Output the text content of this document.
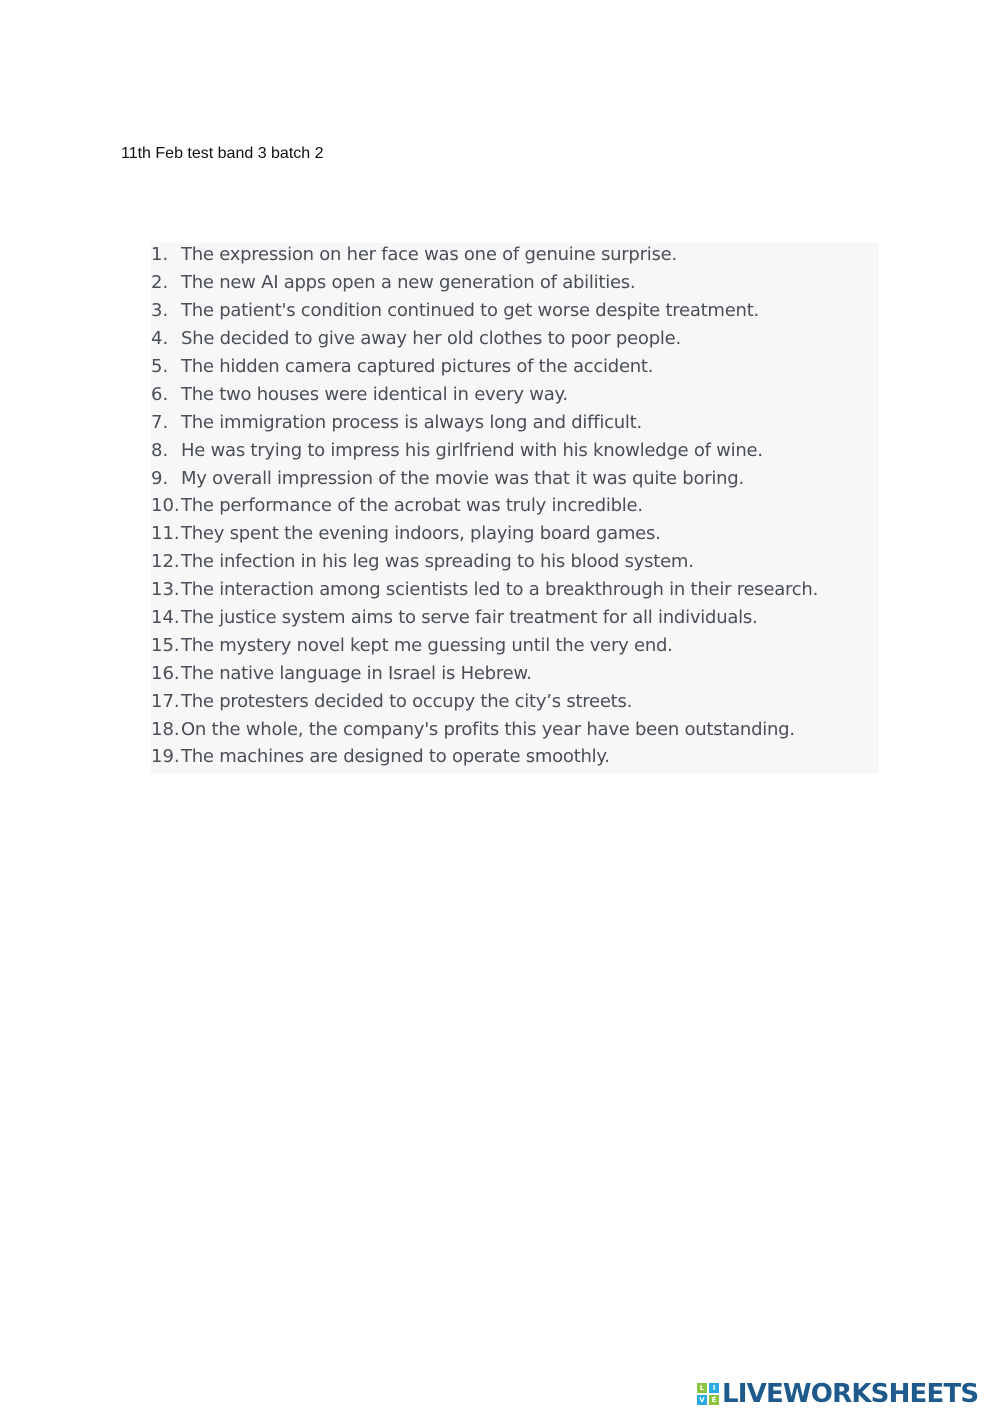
11th Feb test band 3 batch 2
1. The expression on her face was one of genuine surprise.
2. The new AI apps open a new generation of abilities.
3. The patient's condition continued to get worse despite treatment.
4. She decided to give away her old clothes to poor people.
5. The hidden camera captured pictures of the accident.
6. The two houses were identical in every way.
7. The immigration process is always long and difficult.
8. He was trying to impress his girlfriend with his knowledge of wine.
9. My overall impression of the movie was that it was quite boring.
10. The performance of the acrobat was truly incredible.
11. They spent the evening indoors, playing board games.
12. The infection in his leg was spreading to his blood system.
13. The interaction among scientists led to a breakthrough in their research.
14. The justice system aims to serve fair treatment for all individuals.
15. The mystery novel kept me guessing until the very end.
16. The native language in Israel is Hebrew.
17. The protesters decided to occupy the city’s streets.
18. On the whole, the company's profits this year have been outstanding.
19. The machines are designed to operate smoothly.
L	I
V E LIVEWORKSHEETS
